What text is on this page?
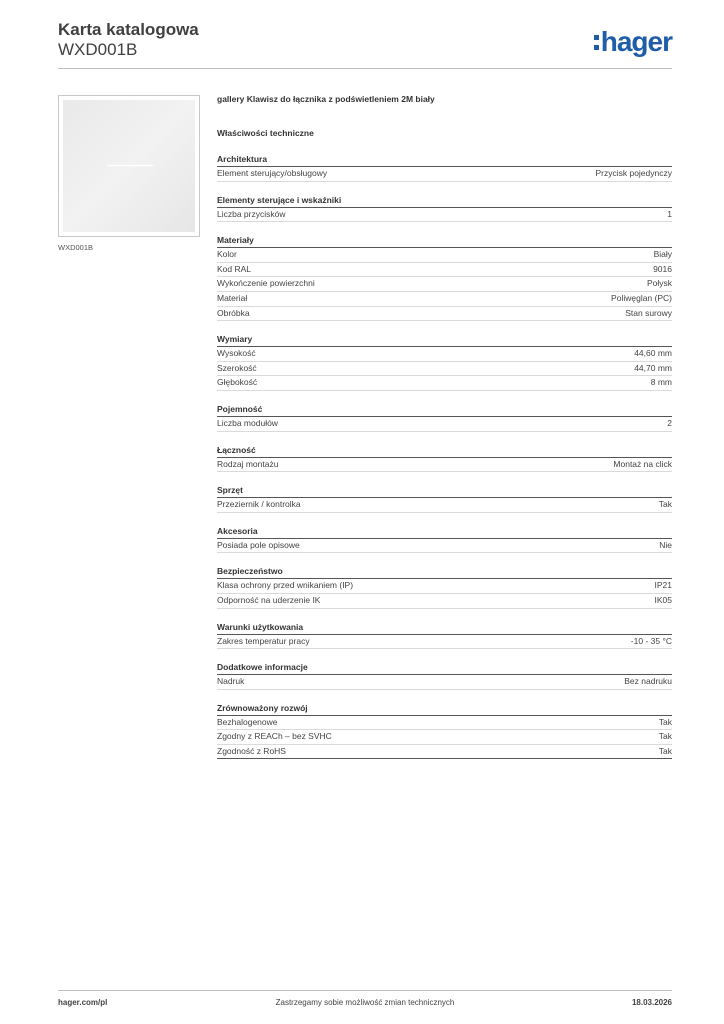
Karta katalogowa
WXD001B	hager
WXD001B
gallery Klawisz do łącznika z podświetleniem 2M biały
Właściwości techniczne
Architektura
Element sterujący/obsługowy	Przycisk pojedynczy
Elementy sterujące i wskaźniki
Liczba przycisków	1
Materiały
Kolor	Biały
Kod RAL	9016
Wykończenie powierzchni	Połysk
Materiał	Poliwęglan (PC)
Obróbka	Stan surowy
Wymiary
Wysokość	44,60 mm
Szerokość	44,70 mm
Głębokość	8 mm
Pojemność
Liczba modułów	2
Łączność
Rodzaj montażu	Montaż na click
Sprzęt
Przeziernik / kontrolka	Tak
Akcesoria
Posiada pole opisowe	Nie
Bezpieczeństwo
Klasa ochrony przed wnikaniem (IP)	IP21
Odporność na uderzenie IK	IK05
Warunki użytkowania
Zakres temperatur pracy	-10 - 35 °C
Dodatkowe informacje
Nadruk	Bez nadruku
Zrównoważony rozwój
Bezhalogenowe	Tak
Zgodny z REACh – bez SVHC	Tak
Zgodność z RoHS	Tak
hager.com/pl	Zastrzegamy sobie możliwość zmian technicznych	18.03.2026
